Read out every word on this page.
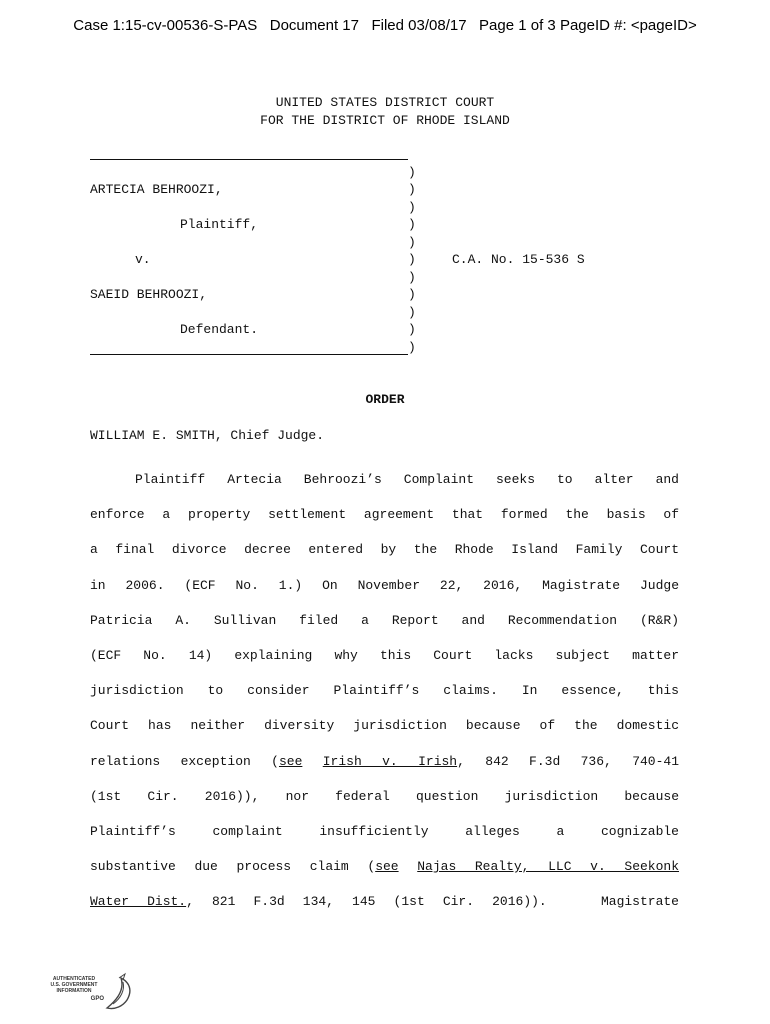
Case 1:15-cv-00536-S-PAS   Document 17   Filed 03/08/17   Page 1 of 3 PageID #: <pageID>
UNITED STATES DISTRICT COURT
FOR THE DISTRICT OF RHODE ISLAND
)
ARTECIA BEHROOZI,	)
)
Plaintiff,	)
)
v.	)	C.A. No. 15-536 S
)
SAEID BEHROOZI,	)
)
Defendant.	)
)
ORDER
WILLIAM E. SMITH, Chief Judge.
Plaintiff Artecia Behroozi’s Complaint seeks to alter and
enforce a property settlement agreement that formed the basis of
a final divorce decree entered by the Rhode Island Family Court
in 2006. (ECF No. 1.) On November 22, 2016, Magistrate Judge
Patricia A. Sullivan filed a Report and Recommendation (R&R)
(ECF No. 14) explaining why this Court lacks subject matter
jurisdiction to consider Plaintiff’s claims. In essence, this
Court has neither diversity jurisdiction because of the domestic
relations exception (see Irish v. Irish, 842 F.3d 736, 740-41
(1st Cir. 2016)), nor federal question jurisdiction because
Plaintiff’s complaint insufficiently alleges a cognizable
substantive due process claim (see Najas Realty, LLC v. Seekonk
Water Dist., 821 F.3d 134, 145 (1st Cir. 2016)).   Magistrate
AUTHENTICATED
U.S. GOVERNMENT
INFORMATION
GPO
